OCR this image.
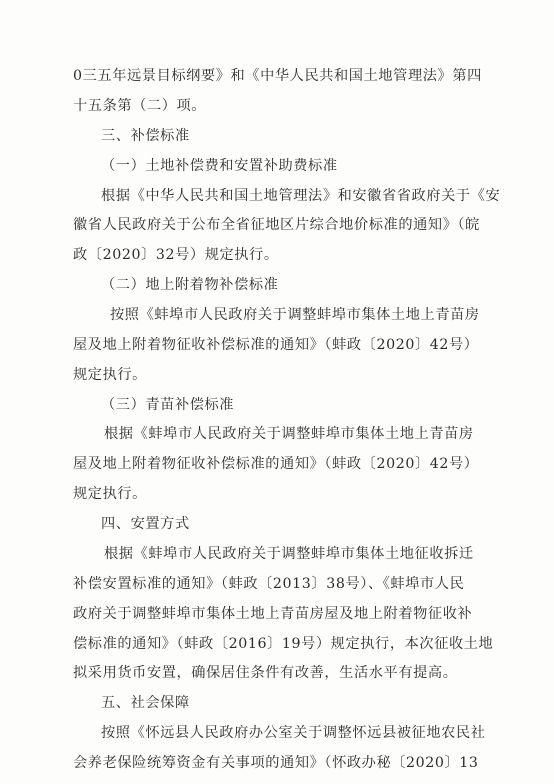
0三五年远景目标纲要》和《中华人民共和国土地管理法》第四
十五条第（二）项。
三、补偿标准
（一）土地补偿费和安置补助费标准
根据《中华人民共和国土地管理法》和安徽省省政府关于《安
徽省人民政府关于公布全省征地区片综合地价标准的通知》（皖
政〔2020〕32号）规定执行。
（二）地上附着物补偿标准
按照《蚌埠市人民政府关于调整蚌埠市集体土地上青苗房
屋及地上附着物征收补偿标准的通知》（蚌政〔2020〕42号）
规定执行。
（三）青苗补偿标准
根据《蚌埠市人民政府关于调整蚌埠市集体土地上青苗房
屋及地上附着物征收补偿标准的通知》（蚌政〔2020〕42号）
规定执行。
四、安置方式
根据《蚌埠市人民政府关于调整蚌埠市集体土地征收拆迁
补偿安置标准的通知》（蚌政〔2013〕38号）、《蚌埠市人民
政府关于调整蚌埠市集体土地上青苗房屋及地上附着物征收补
偿标准的通知》（蚌政〔2016〕19号）规定执行，本次征收土地
拟采用货币安置，确保居住条件有改善，生活水平有提高。
五、社会保障
按照《怀远县人民政府办公室关于调整怀远县被征地农民社
会养老保险统筹资金有关事项的通知》（怀政办秘〔2020〕13
